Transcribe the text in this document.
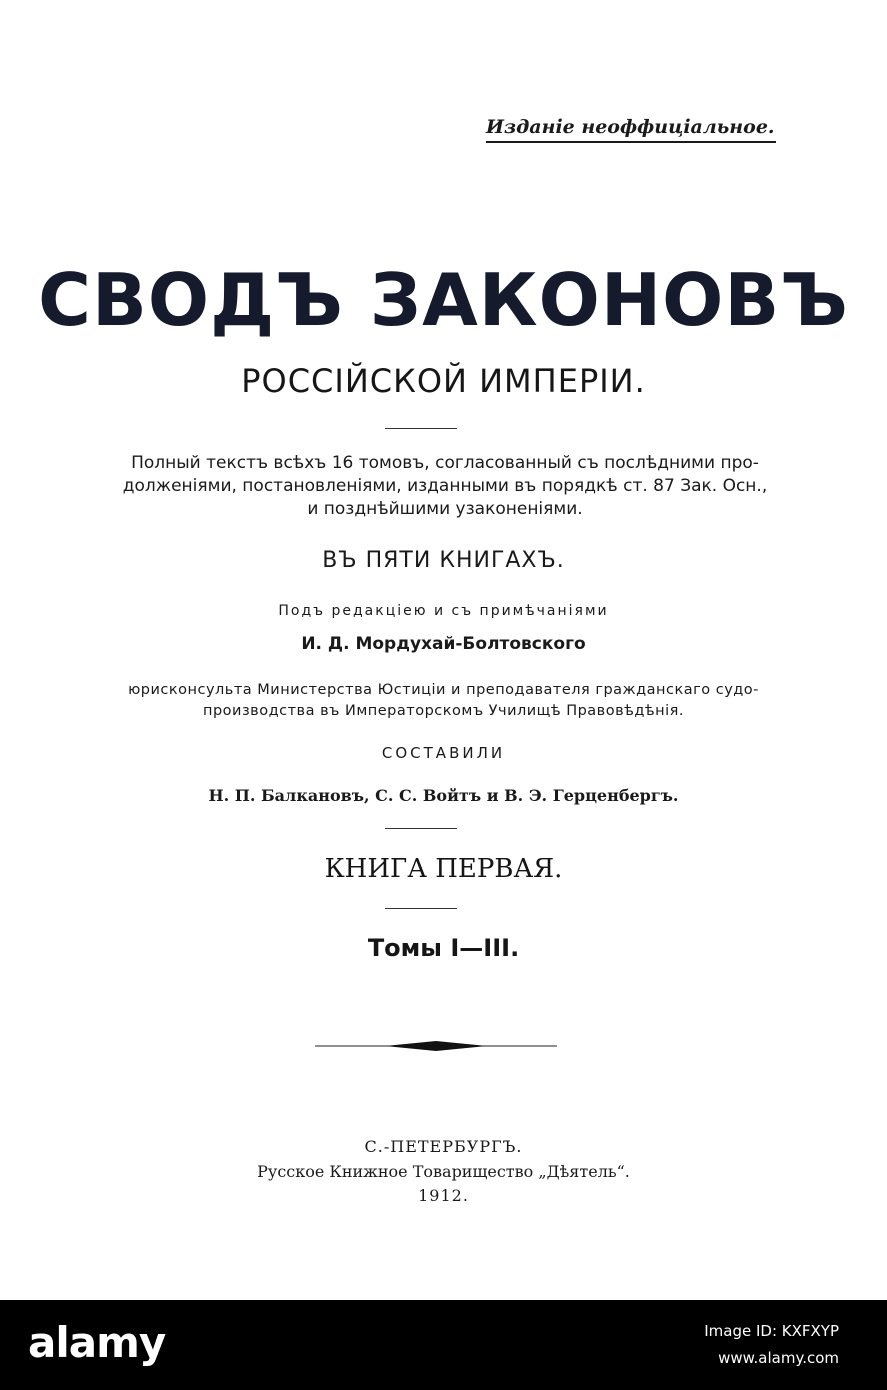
Изданіе неоффиціальное.
СВОДЪ ЗАКОНОВЪ
РОССІЙСКОЙ ИМПЕРІИ.
Полный текстъ всѣхъ 16 томовъ, согласованный съ послѣдними про-
долженіями, постановленіями, изданными въ порядкѣ ст. 87 Зак. Осн.,
и позднѣйшими узаконеніями.
ВЪ ПЯТИ КНИГАХЪ.
Подъ редакціею и съ примѣчаніями
И. Д. Мордухай-Болтовского
юрисконсульта Министерства Юстиціи и преподавателя гражданскаго судо-
производства въ Императорскомъ Училищѣ Правовѣдѣнія.
СОСТАВИЛИ
Н. П. Балкановъ, С. С. Войтъ и В. Э. Герценбергъ.
КНИГА ПЕРВАЯ.
Томы I—III.
С.-ПЕТЕРБУРГЪ.
Русское Книжное Товарищество „Дѣятель“.
1912.
alamy	Image ID: KXFXYP
www.alamy.com
